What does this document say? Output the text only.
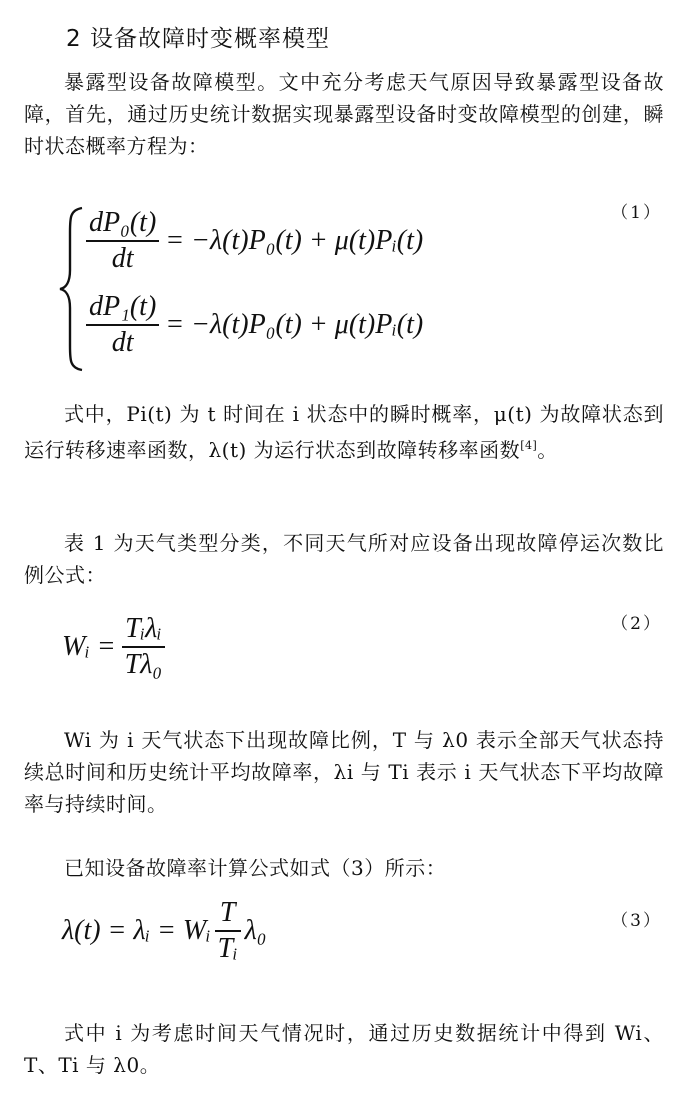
2 设备故障时变概率模型

暴露型设备故障模型。文中充分考虑天气原因导致暴露型设备故障，首先，通过历史统计数据实现暴露型设备时变故障模型的创建，瞬时状态概率方程为：

（1）
$\frac{\text{dP₀(t)}}{dt} = -\lambda(t)P_0(t)$ + μ(t)Pᵢ(t)
$\frac{\text{dP₁(t)}}{dt} = -\lambda(t)P_0(t)$ + μ(t)Pᵢ(t)

式中，Pi(t) 为 t 时间在 i 状态中的瞬时概率，μ(t) 为故障状态到运行转移速率函数，λ(t) 为运行状态到故障转移率函数[4]。

表 1 为天气类型分类，不同天气所对应设备出现故障停运次数比例公式：

（2）
Wᵢ = $\frac{\text{Tᵢλᵢ}}{\text{Tλ₀}}$

Wi 为 i 天气状态下出现故障比例，T 与 λ0 表示全部天气状态持续总时间和历史统计平均故障率，λi 与 Ti 表示 i 天气状态下平均故障率与持续时间。

已知设备故障率计算公式如式（3）所示：

（3）
λ(t) = λᵢ = Wᵢ $\frac{T}{\text{Tᵢ}} \lambda_0$

式中 i 为考虑时间天气情况时，通过历史数据统计中得到 Wi、T、Ti 与 λ0。
